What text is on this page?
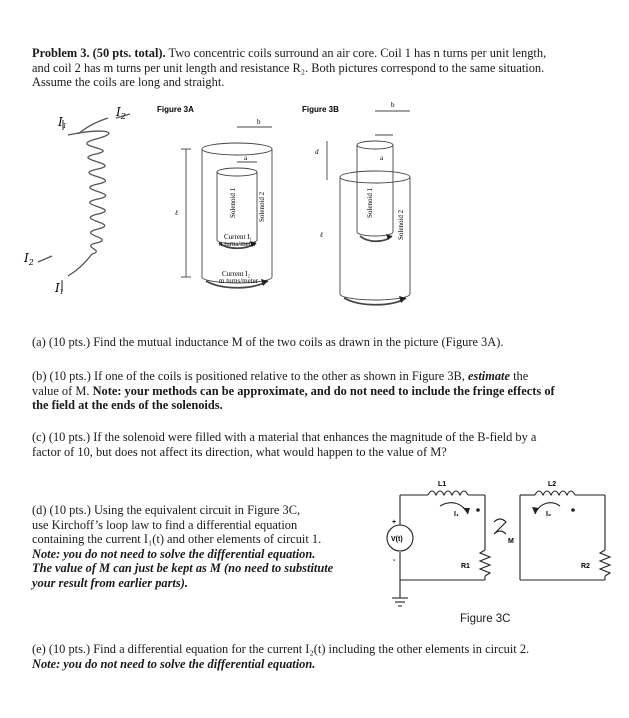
Problem 3. (50 pts. total). Two concentric coils surround an air core. Coil 1 has n turns per unit length,
and coil 2 has m turns per unit length and resistance R₂. Both pictures correspond to the same situation.
Assume the coils are long and straight.
$I_2$
I1
$I_2$
I1
Figure 3A
b
a
ℓ	Solenoid 1	Solenoid 2
Current I₁
n turns/meter
Current I₂
m turns/meter
Figure 3B	b
a
d
ℓ
Solenoid 1
Solenoid 2
(a) (10 pts.) Find the mutual inductance M of the two coils as drawn in the picture (Figure 3A).
(b) (10 pts.) If one of the coils is positioned relative to the other as shown in Figure 3B, estimate the
value of M. Note: your methods can be approximate, and do not need to include the fringe effects of
the field at the ends of the solenoids.
(c) (10 pts.) If the solenoid were filled with a material that enhances the magnitude of the B-field by a
factor of 10, but does not affect its direction, what would happen to the value of M?
(d) (10 pts.) Using the equivalent circuit in Figure 3C,
use Kirchoff’s loop law to find a differential equation
containing the current I₁(t) and other elements of circuit 1.
Note: you do not need to solve the differential equation.
The value of M can just be kept as M (no need to substitute
your result from earlier parts).
V(t)
+
-
L1	L2
I₁	I₂
M
R1	R2
Figure 3C
(e) (10 pts.) Find a differential equation for the current I₂(t) including the other elements in circuit 2.
Note: you do not need to solve the differential equation.
